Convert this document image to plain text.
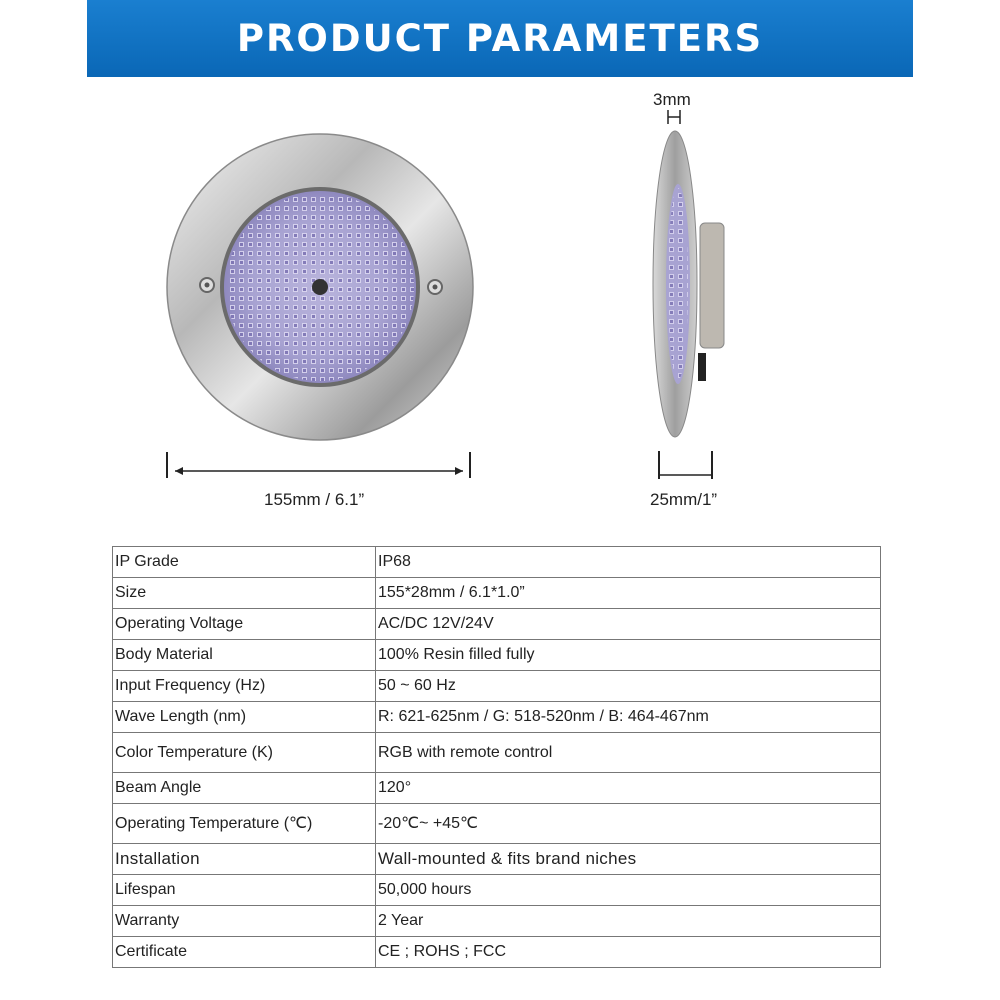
PRODUCT PARAMETERS
155mm / 6.1”
3mm
25mm/1”
IP Grade	IP68
Size	155*28mm / 6.1*1.0”
Operating Voltage	AC/DC 12V/24V
Body Material	100% Resin filled fully
Input Frequency (Hz)	50 ~ 60 Hz
Wave Length (nm)	R: 621-625nm / G: 518-520nm / B: 464-467nm
Color Temperature (K)	RGB with remote control
Beam Angle	120°
Operating Temperature (℃)	-20℃~ +45℃
Installation	Wall-mounted & fits brand niches
Lifespan	50,000 hours
Warranty	2 Year
Certificate	CE ; ROHS ; FCC
